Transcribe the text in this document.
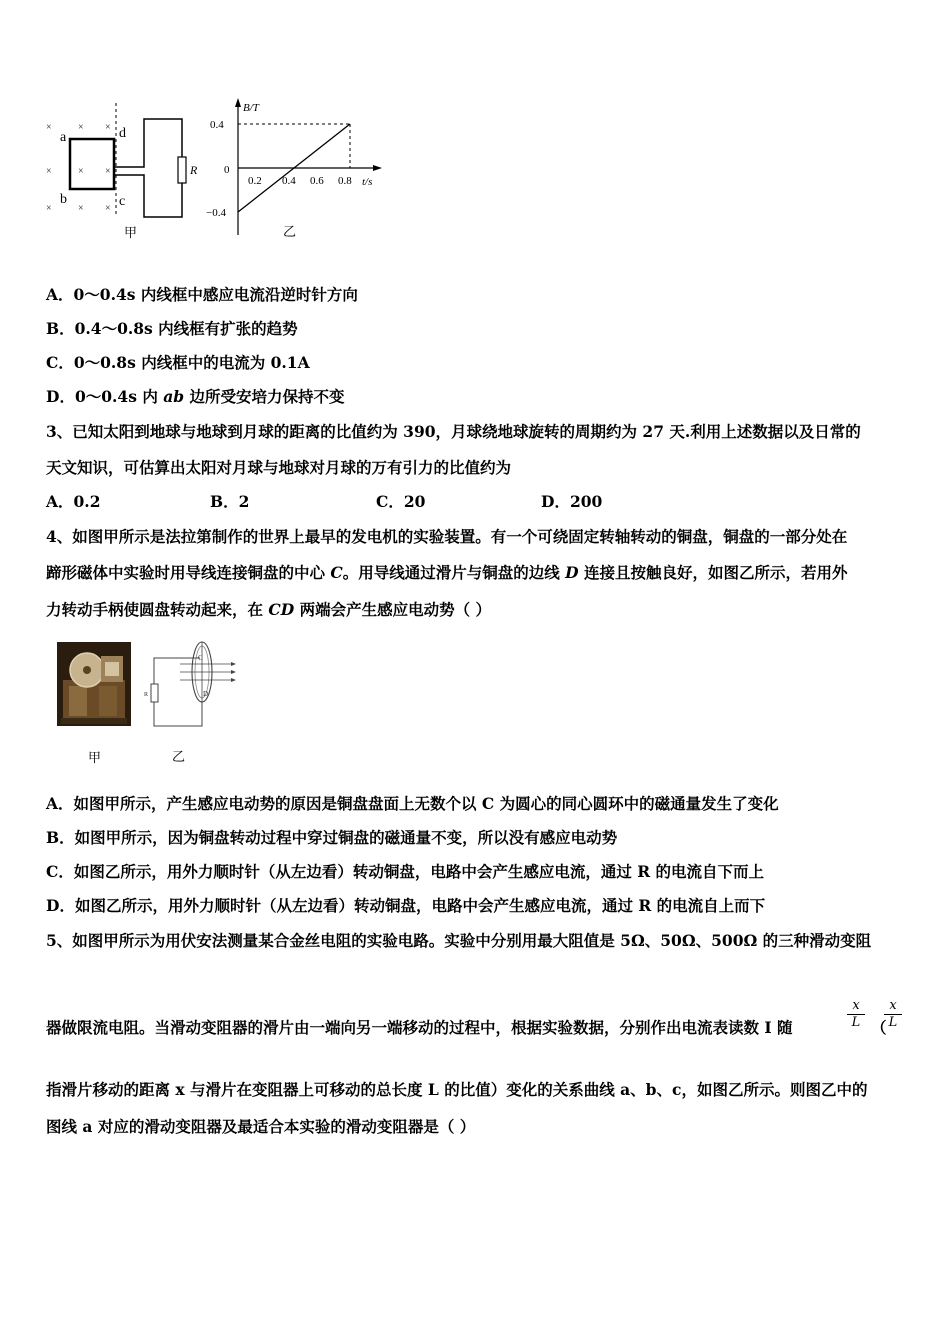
×	× ×
×	× ×
×	× ×
a
b	c
d
R
甲
B/T
t/s
0.4
0
−0.4
0.2 0.4 0.6 0.8
乙
A．0～0.4s 内线框中感应电流沿逆时针方向
B．0.4～0.8s 内线框有扩张的趋势
C．0～0.8s 内线框中的电流为 0.1A
D．0～0.4s 内 ab 边所受安培力保持不变
3、已知太阳到地球与地球到月球的距离的比值约为 390，月球绕地球旋转的周期约为 27 天.利用上述数据以及日常的
天文知识，可估算出太阳对月球与地球对月球的万有引力的比值约为
A．0.2	B．2	C．20	D．200
4、如图甲所示是法拉第制作的世界上最早的发电机的实验装置。有一个可绕固定转轴转动的铜盘，铜盘的一部分处在
蹄形磁体中实验时用导线连接铜盘的中心 C。用导线通过滑片与铜盘的边线 D 连接且按触良好，如图乙所示，若用外
力转动手柄使圆盘转动起来，在 CD 两端会产生感应电动势（ ）
甲
C
D
R
乙
A．如图甲所示，产生感应电动势的原因是铜盘盘面上无数个以 C 为圆心的同心圆环中的磁通量发生了变化
B．如图甲所示，因为铜盘转动过程中穿过铜盘的磁通量不变，所以没有感应电动势
C．如图乙所示，用外力顺时针（从左边看）转动铜盘，电路中会产生感应电流，通过 R 的电流自下而上
D．如图乙所示，用外力顺时针（从左边看）转动铜盘，电路中会产生感应电流，通过 R 的电流自上而下
5、如图甲所示为用伏安法测量某合金丝电阻的实验电路。实验中分别用最大阻值是 5Ω、50Ω、500Ω 的三种滑动变阻
器做限流电阻。当滑动变阻器的滑片由一端向另一端移动的过程中，根据实验数据，分别作出电流表读数 I 随	$\frac{x}{L}$ （
$\frac{x}{L}$
指滑片移动的距离 x 与滑片在变阻器上可移动的总长度 L 的比值）变化的关系曲线 a、b、c，如图乙所示。则图乙中的
图线 a 对应的滑动变阻器及最适合本实验的滑动变阻器是（ ）
